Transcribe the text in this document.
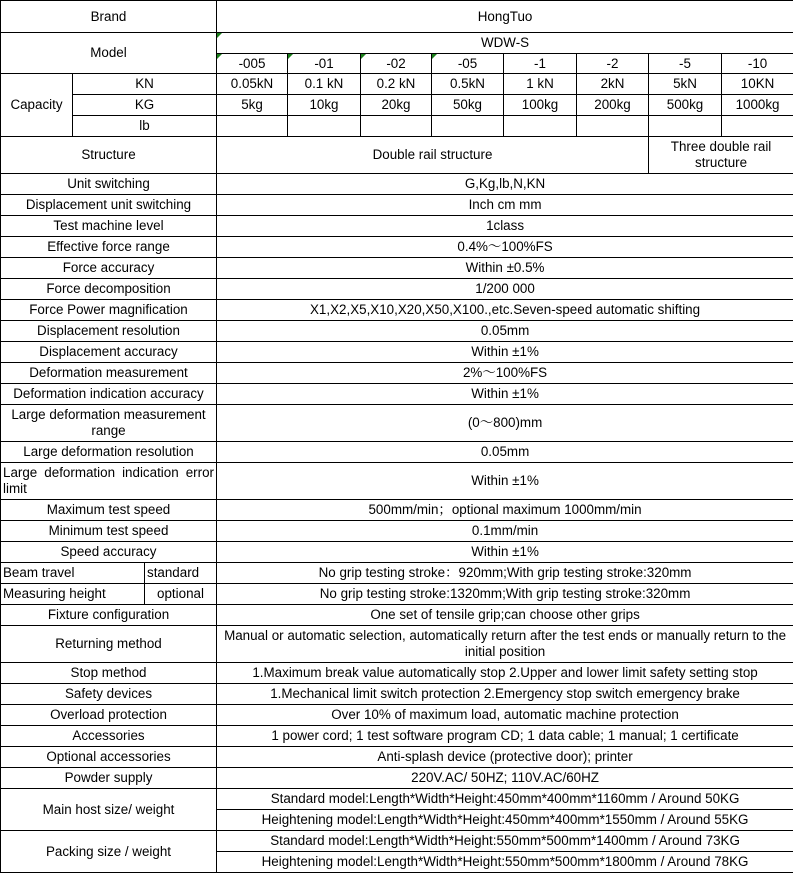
Brand			HongTuo							
Model			WDW-S							
			-005	-01	-02	-05	-1	-2	-5	-10
Capacity	KN		0.05kN	0.1 kN	0.2 kN	0.5kN	1 kN	2kN	5kN	10KN
	KG		5kg	10kg	20kg	50kg	100kg	200kg	500kg	1000kg
	lb									
Structure			Double rail structure						Three double rail structure	
Unit switching			G,Kg,lb,N,KN							
Displacement unit switching			Inch cm mm							
Test machine level			1class							
Effective force range			0.4%～100%FS							
Force accuracy			Within ±0.5%							
Force decomposition			1/200 000							
Force Power magnification			X1,X2,X5,X10,X20,X50,X100.,etc.Seven-speed automatic shifting							
Displacement resolution			0.05mm							
Displacement accuracy			Within ±1%							
Deformation measurement			2%～100%FS							
Deformation indication accuracy			Within ±1%							
Large deformation measurement range			(0～800)mm							
Large deformation resolution			0.05mm							
Large deformation indication error limit			Within ±1%							
Maximum test speed			500mm/min；optional maximum 1000mm/min							
Minimum test speed			0.1mm/min							
Speed accuracy			Within ±1%							
Beam travel		standard	No grip testing stroke：920mm;With grip testing stroke:320mm							
Measuring height		optional	No grip testing stroke:1320mm;With grip testing stroke:320mm							
Fixture configuration			One set of tensile grip;can choose other grips							
Returning method			Manual or automatic selection, automatically return after the test ends or manually return to the initial position							
Stop method			1.Maximum break value automatically stop 2.Upper and lower limit safety setting stop							
Safety devices			1.Mechanical limit switch protection 2.Emergency stop switch emergency brake							
Overload protection			Over 10% of maximum load, automatic machine protection							
Accessories			1 power cord; 1 test software program CD; 1 data cable; 1 manual; 1 certificate							
Optional accessories			Anti-splash device (protective door); printer							
Powder supply			220V.AC/ 50HZ; 110V.AC/60HZ							
Main host size/ weight			Standard model:Length*Width*Height:450mm*400mm*1160mm / Around 50KG							
			Heightening model:Length*Width*Height:450mm*400mm*1550mm / Around 55KG							
Packing size / weight			Standard model:Length*Width*Height:550mm*500mm*1400mm / Around 73KG							
			Heightening model:Length*Width*Height:550mm*500mm*1800mm / Around 78KG							
